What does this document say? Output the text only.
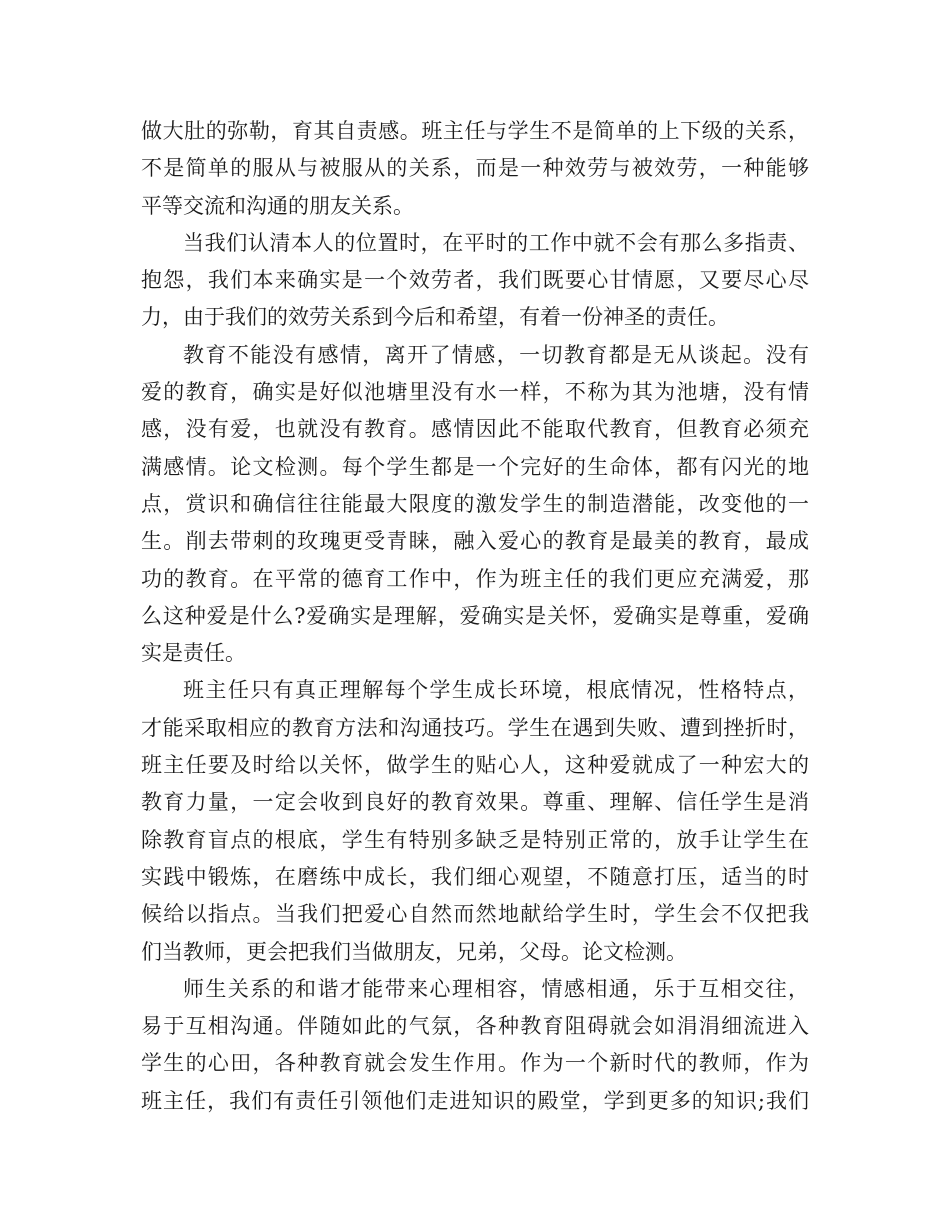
做大肚的弥勒，育其自责感。班主任与学生不是简单的上下级的关系，
不是简单的服从与被服从的关系，而是一种效劳与被效劳，一种能够
平等交流和沟通的朋友关系。
当我们认清本人的位置时，在平时的工作中就不会有那么多指责、
抱怨，我们本来确实是一个效劳者，我们既要心甘情愿，又要尽心尽
力，由于我们的效劳关系到今后和希望，有着一份神圣的责任。
教育不能没有感情，离开了情感，一切教育都是无从谈起。没有
爱的教育，确实是好似池塘里没有水一样，不称为其为池塘，没有情
感，没有爱，也就没有教育。感情因此不能取代教育，但教育必须充
满感情。论文检测。每个学生都是一个完好的生命体，都有闪光的地
点，赏识和确信往往能最大限度的激发学生的制造潜能，改变他的一
生。削去带刺的玫瑰更受青睐，融入爱心的教育是最美的教育，最成
功的教育。在平常的德育工作中，作为班主任的我们更应充满爱，那
么这种爱是什么?爱确实是理解，爱确实是关怀，爱确实是尊重，爱确
实是责任。
班主任只有真正理解每个学生成长环境，根底情况，性格特点，
才能采取相应的教育方法和沟通技巧。学生在遇到失败、遭到挫折时，
班主任要及时给以关怀，做学生的贴心人，这种爱就成了一种宏大的
教育力量，一定会收到良好的教育效果。尊重、理解、信任学生是消
除教育盲点的根底，学生有特别多缺乏是特别正常的，放手让学生在
实践中锻炼，在磨练中成长，我们细心观望，不随意打压，适当的时
候给以指点。当我们把爱心自然而然地献给学生时，学生会不仅把我
们当教师，更会把我们当做朋友，兄弟，父母。论文检测。
师生关系的和谐才能带来心理相容，情感相通，乐于互相交往，
易于互相沟通。伴随如此的气氛，各种教育阻碍就会如涓涓细流进入
学生的心田，各种教育就会发生作用。作为一个新时代的教师，作为
班主任，我们有责任引领他们走进知识的殿堂，学到更多的知识;我们
